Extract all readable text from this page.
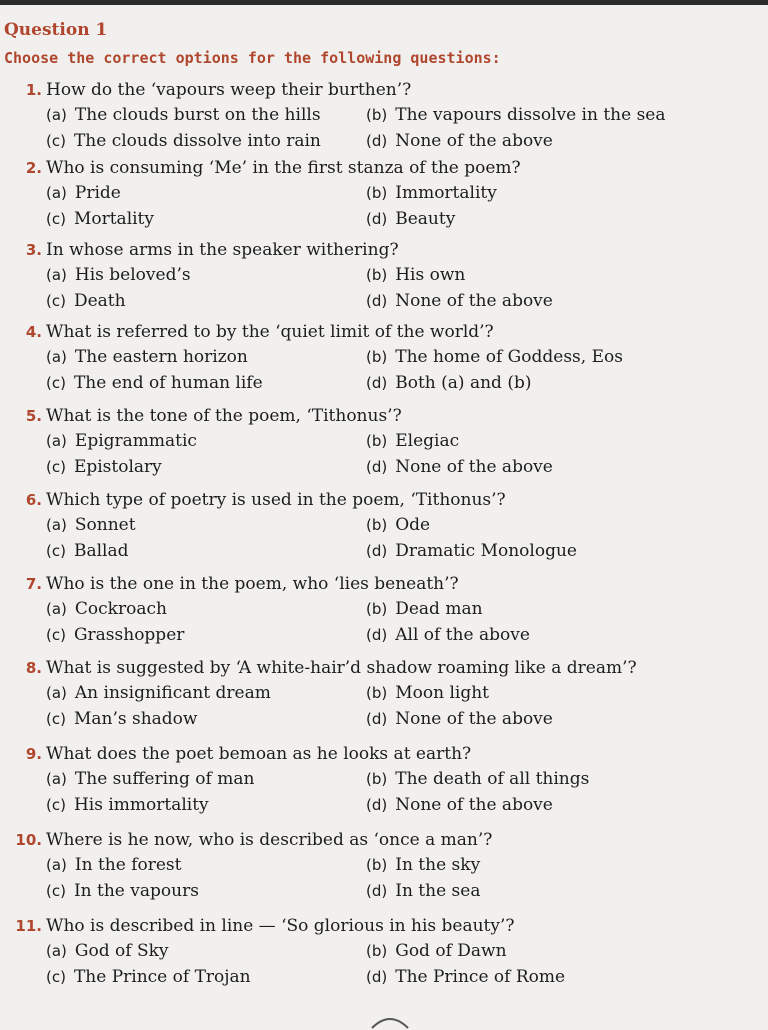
Question 1
Choose the correct options for the following questions:
1. How do the ‘vapours weep their burthen’?
(a) The clouds burst on the hills	(b) The vapours dissolve in the sea
(c) The clouds dissolve into rain	(d) None of the above
2. Who is consuming ‘Me’ in the first stanza of the poem?
(a) Pride	(b) Immortality
(c) Mortality	(d) Beauty
3. In whose arms in the speaker withering?
(a) His beloved’s	(b) His own
(c) Death	(d) None of the above
4. What is referred to by the ‘quiet limit of the world’?
(a) The eastern horizon	(b) The home of Goddess, Eos
(c) The end of human life	(d) Both (a) and (b)
5. What is the tone of the poem, ‘Tithonus’?
(a) Epigrammatic	(b) Elegiac
(c) Epistolary	(d) None of the above
6. Which type of poetry is used in the poem, ‘Tithonus’?
(a) Sonnet	(b) Ode
(c) Ballad	(d) Dramatic Monologue
7. Who is the one in the poem, who ‘lies beneath’?
(a) Cockroach	(b) Dead man
(c) Grasshopper	(d) All of the above
8. What is suggested by ‘A white-hair’d shadow roaming like a dream’?
(a) An insignificant dream	(b) Moon light
(c) Man’s shadow	(d) None of the above
9. What does the poet bemoan as he looks at earth?
(a) The suffering of man	(b) The death of all things
(c) His immortality	(d) None of the above
10. Where is he now, who is described as ‘once a man’?
(a) In the forest	(b) In the sky
(c) In the vapours	(d) In the sea
11. Who is described in line — ‘So glorious in his beauty’?
(a) God of Sky	(b) God of Dawn
(c) The Prince of Trojan	(d) The Prince of Rome
